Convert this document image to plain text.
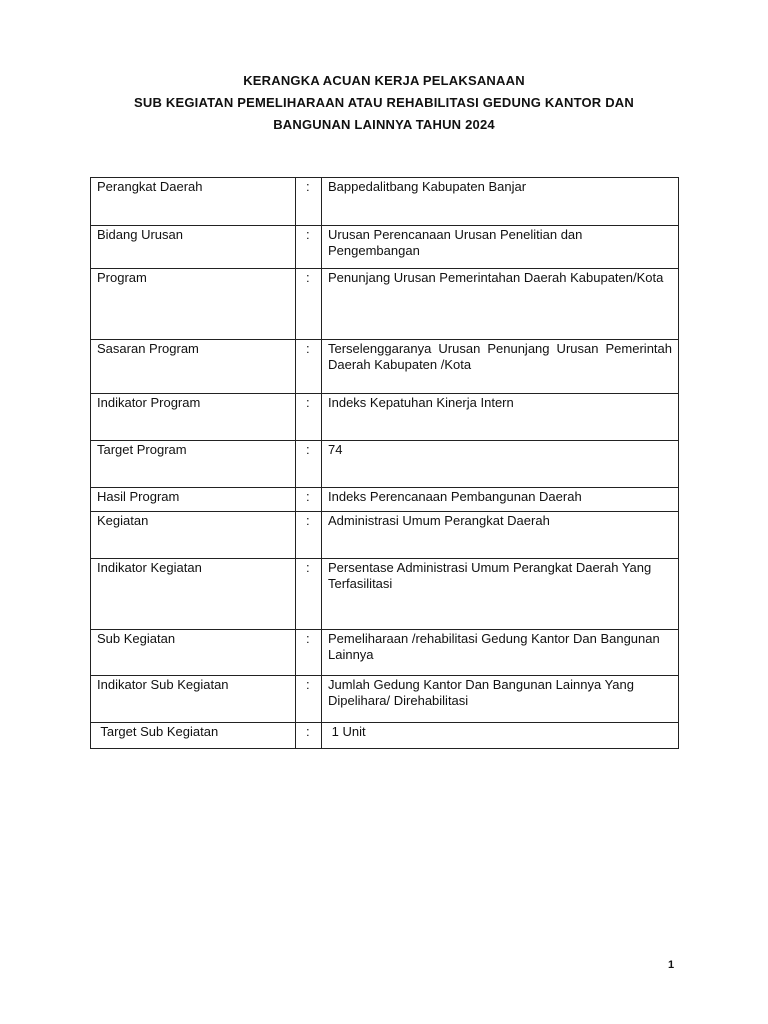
KERANGKA ACUAN KERJA PELAKSANAAN
SUB KEGIATAN PEMELIHARAAN ATAU REHABILITASI GEDUNG KANTOR DAN
BANGUNAN LAINNYA TAHUN 2024
Perangkat Daerah	:	Bappedalitbang Kabupaten Banjar
Bidang Urusan	:	Urusan Perencanaan Urusan Penelitian dan Pengembangan
Program	:	Penunjang Urusan Pemerintahan Daerah Kabupaten/Kota
Sasaran Program	:	Terselenggaranya Urusan Penunjang Urusan Pemerintah Daerah Kabupaten /Kota
Indikator Program	:	Indeks Kepatuhan Kinerja Intern
Target Program	:	74
Hasil Program	:	Indeks Perencanaan Pembangunan Daerah
Kegiatan	:	Administrasi Umum Perangkat Daerah
Indikator Kegiatan	:	Persentase Administrasi Umum Perangkat Daerah Yang Terfasilitasi
Sub Kegiatan	:	Pemeliharaan /rehabilitasi Gedung Kantor Dan Bangunan Lainnya
Indikator Sub Kegiatan	:	Jumlah Gedung Kantor Dan Bangunan Lainnya Yang Dipelihara/ Direhabilitasi
Target Sub Kegiatan	:	1 Unit
1
